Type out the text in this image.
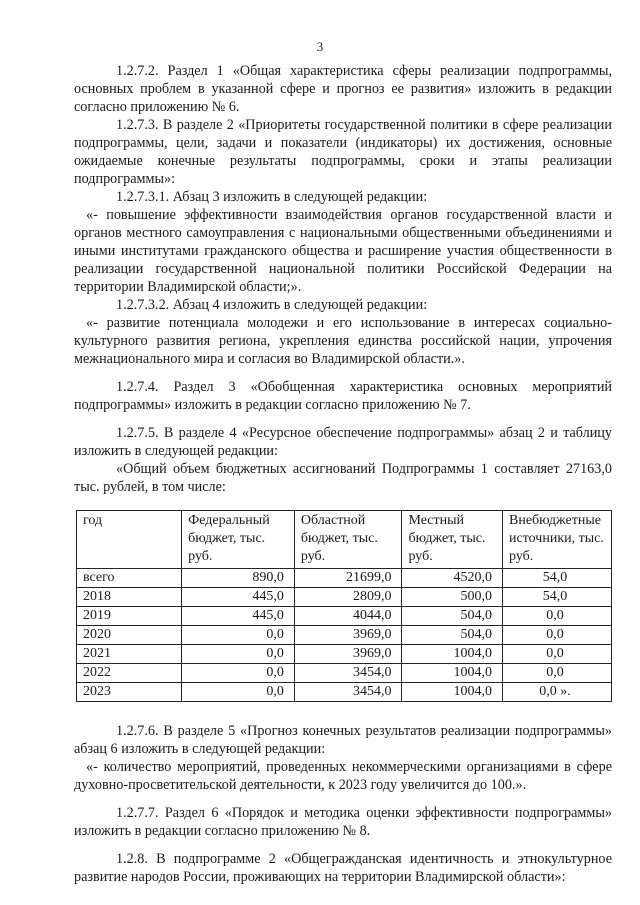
3

1.2.7.2. Раздел 1 «Общая характеристика сферы реализации подпрограммы, основных проблем в указанной сфере и прогноз ее развития» изложить в редакции согласно приложению № 6.

1.2.7.3. В разделе 2 «Приоритеты государственной политики в сфере реализации подпрограммы, цели, задачи и показатели (индикаторы) их достижения, основные ожидаемые конечные результаты подпрограммы, сроки и этапы реализации подпрограммы»:

1.2.7.3.1. Абзац 3 изложить в следующей редакции:

«- повышение эффективности взаимодействия органов государственной власти и органов местного самоуправления с национальными общественными объединениями и иными институтами гражданского общества и расширение участия общественности в реализации государственной национальной политики Российской Федерации на территории Владимирской области;».

1.2.7.3.2. Абзац 4 изложить в следующей редакции:

«- развитие потенциала молодежи и его использование в интересах социально-культурного развития региона, укрепления единства российской нации, упрочения межнационального мира и согласия во Владимирской области.».

1.2.7.4. Раздел 3 «Обобщенная характеристика основных мероприятий подпрограммы» изложить в редакции согласно приложению № 7.

1.2.7.5. В разделе 4 «Ресурсное обеспечение подпрограммы» абзац 2 и таблицу изложить в следующей редакции:

«Общий объем бюджетных ассигнований Подпрограммы 1 составляет 27163,0 тыс. рублей, в том числе:

год	Федеральный бюджет, тыс. руб.	Областной бюджет, тыс. руб.	Местный бюджет, тыс. руб.	Внебюджетные источники, тыс. руб.
всего	890,0	21699,0	4520,0	54,0
2018	445,0	2809,0	500,0	54,0
2019	445,0	4044,0	504,0	0,0
2020	0,0	3969,0	504,0	0,0
2021	0,0	3969,0	1004,0	0,0
2022	0,0	3454,0	1004,0	0,0
2023	0,0	3454,0	1004,0	0,0 ».

1.2.7.6. В разделе 5 «Прогноз конечных результатов реализации подпрограммы» абзац 6 изложить в следующей редакции:

«- количество мероприятий, проведенных некоммерческими организациями в сфере духовно-просветительской деятельности, к 2023 году увеличится до 100.».

1.2.7.7. Раздел 6 «Порядок и методика оценки эффективности подпрограммы» изложить в редакции согласно приложению № 8.

1.2.8. В подпрограмме 2 «Общегражданская идентичность и этнокультурное развитие народов России, проживающих на территории Владимирской области»:
